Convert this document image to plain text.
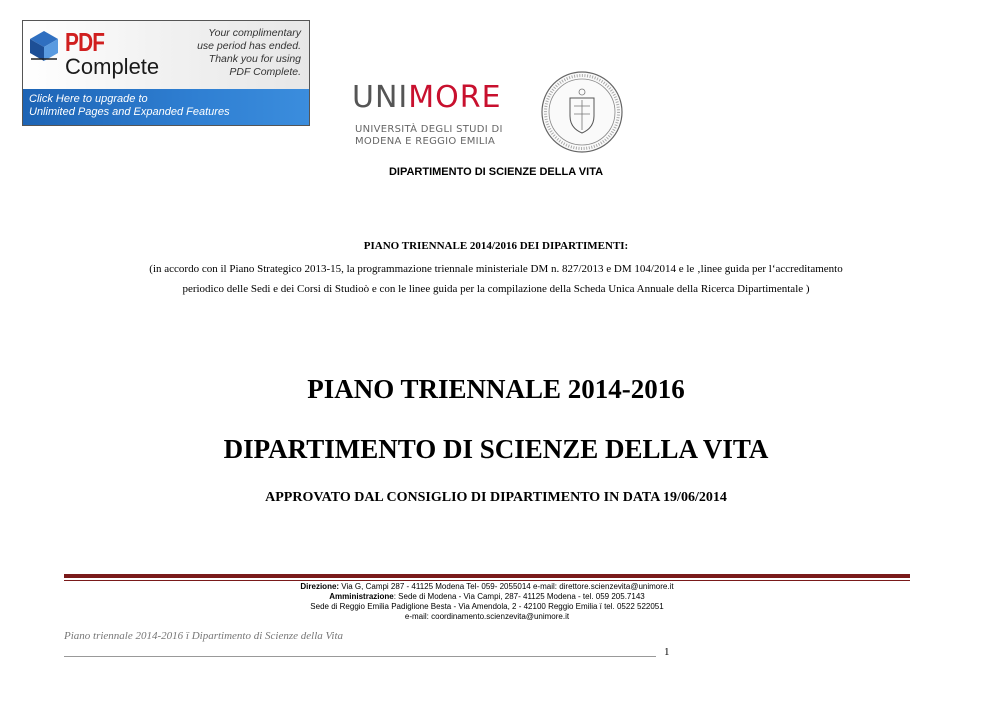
PDF
Complete
Your complimentary
use period has ended.
Thank you for using
PDF Complete.
Click Here to upgrade to
Unlimited Pages and Expanded Features	UNIMORE
UNIVERSITÀ DEGLI STUDI DI
MODENA E REGGIO EMILIA
DIPARTIMENTO DI SCIENZE DELLA VITA
PIANO TRIENNALE 2014/2016 DEI DIPARTIMENTI:
(in accordo con il Piano Strategico 2013-15, la programmazione triennale ministeriale DM n. 827/2013 e DM 104/2014 e le ‚linee guida per l‘accreditamento
periodico delle Sedi e dei Corsi di Studioò e con le linee guida per la compilazione della Scheda Unica Annuale della Ricerca Dipartimentale )
PIANO TRIENNALE 2014-2016
DIPARTIMENTO DI SCIENZE DELLA VITA
APPROVATO DAL CONSIGLIO DI DIPARTIMENTO IN DATA 19/06/2014
Direzione: Via G, Campi 287 - 41125 Modena Tel- 059- 2055014 e-mail: direttore.scienzevita@unimore.it
Amministrazione: Sede di Modena - Via Campi, 287- 41125 Modena - tel. 059 205.7143
Sede di Reggio Emilia Padiglione Besta - Via Amendola, 2 - 42100 Reggio Emilia ï tel. 0522 522051
e-mail: coordinamento.scienzevita@unimore.it
Piano triennale 2014-2016 ï Dipartimento di Scienze della Vita
1
